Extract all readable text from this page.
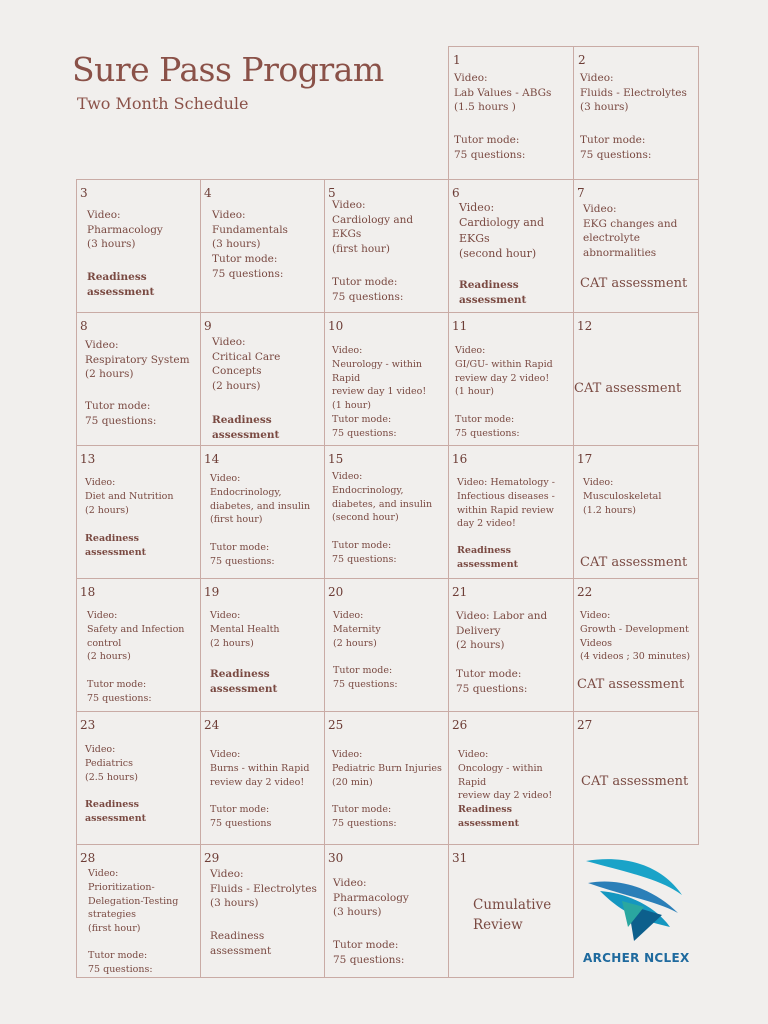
Sure Pass Program
Two Month Schedule
1
Video:
Lab Values - ABGs
(1.5 hours )
Tutor mode:
75 questions:
2
Video:
Fluids - Electrolytes
(3 hours)
Tutor mode:
75 questions:
3
Video:
Pharmacology
(3 hours)
Readiness
assessment
4
Video:
Fundamentals
(3 hours)
Tutor mode:
75 questions:
5
Video:
Cardiology and
EKGs
(first hour)
Tutor mode:
75 questions:
6
Video:
Cardiology and
EKGs
(second hour)
Readiness
assessment
7
Video:
EKG changes and
electrolyte
abnormalities
CAT assessment
8
Video:
Respiratory System
(2 hours)
Tutor mode:
75 questions:
9
Video:
Critical Care
Concepts
(2 hours)
Readiness
assessment
10
Video:
Neurology - within Rapid
review day 1 video!
(1 hour)
Tutor mode:
75 questions:
11
Video:
GI/GU- within Rapid
review day 2 video!
(1 hour)
Tutor mode:
75 questions:
12
CAT assessment
13
Video:
Diet and Nutrition
(2 hours)
Readiness
assessment
14
Video:
Endocrinology,
diabetes, and insulin
(first hour)
Tutor mode:
75 questions:
15
Video:
Endocrinology,
diabetes, and insulin
(second hour)
Tutor mode:
75 questions:
16
Video: Hematology -
Infectious diseases -
within Rapid review
day 2 video!
Readiness
assessment
17
Video:
Musculoskeletal
(1.2 hours)
CAT assessment
18
Video:
Safety and Infection
control
(2 hours)
Tutor mode:
75 questions:
19
Video:
Mental Health
(2 hours)
Readiness
assessment
20
Video:
Maternity
(2 hours)
Tutor mode:
75 questions:
21
Video: Labor and
Delivery
(2 hours)
Tutor mode:
75 questions:
22
Video:
Growth - Development
Videos
(4 videos ; 30 minutes)
CAT assessment
23
Video:
Pediatrics
(2.5 hours)
Readiness
assessment
24
Video:
Burns - within Rapid
review day 2 video!
Tutor mode:
75 questions
25
Video:
Pediatric Burn Injuries
(20 min)
Tutor mode:
75 questions:
26
Video:
Oncology - within Rapid
review day 2 video!
Readiness
assessment
27
CAT assessment
28
Video:
Prioritization-
Delegation-Testing
strategies
(first hour)
Tutor mode:
75 questions:
29
Video:
Fluids - Electrolytes
(3 hours)
Readiness
assessment
30
Video:
Pharmacology
(3 hours)
Tutor mode:
75 questions:
31
Cumulative
Review
ARCHER NCLEX
